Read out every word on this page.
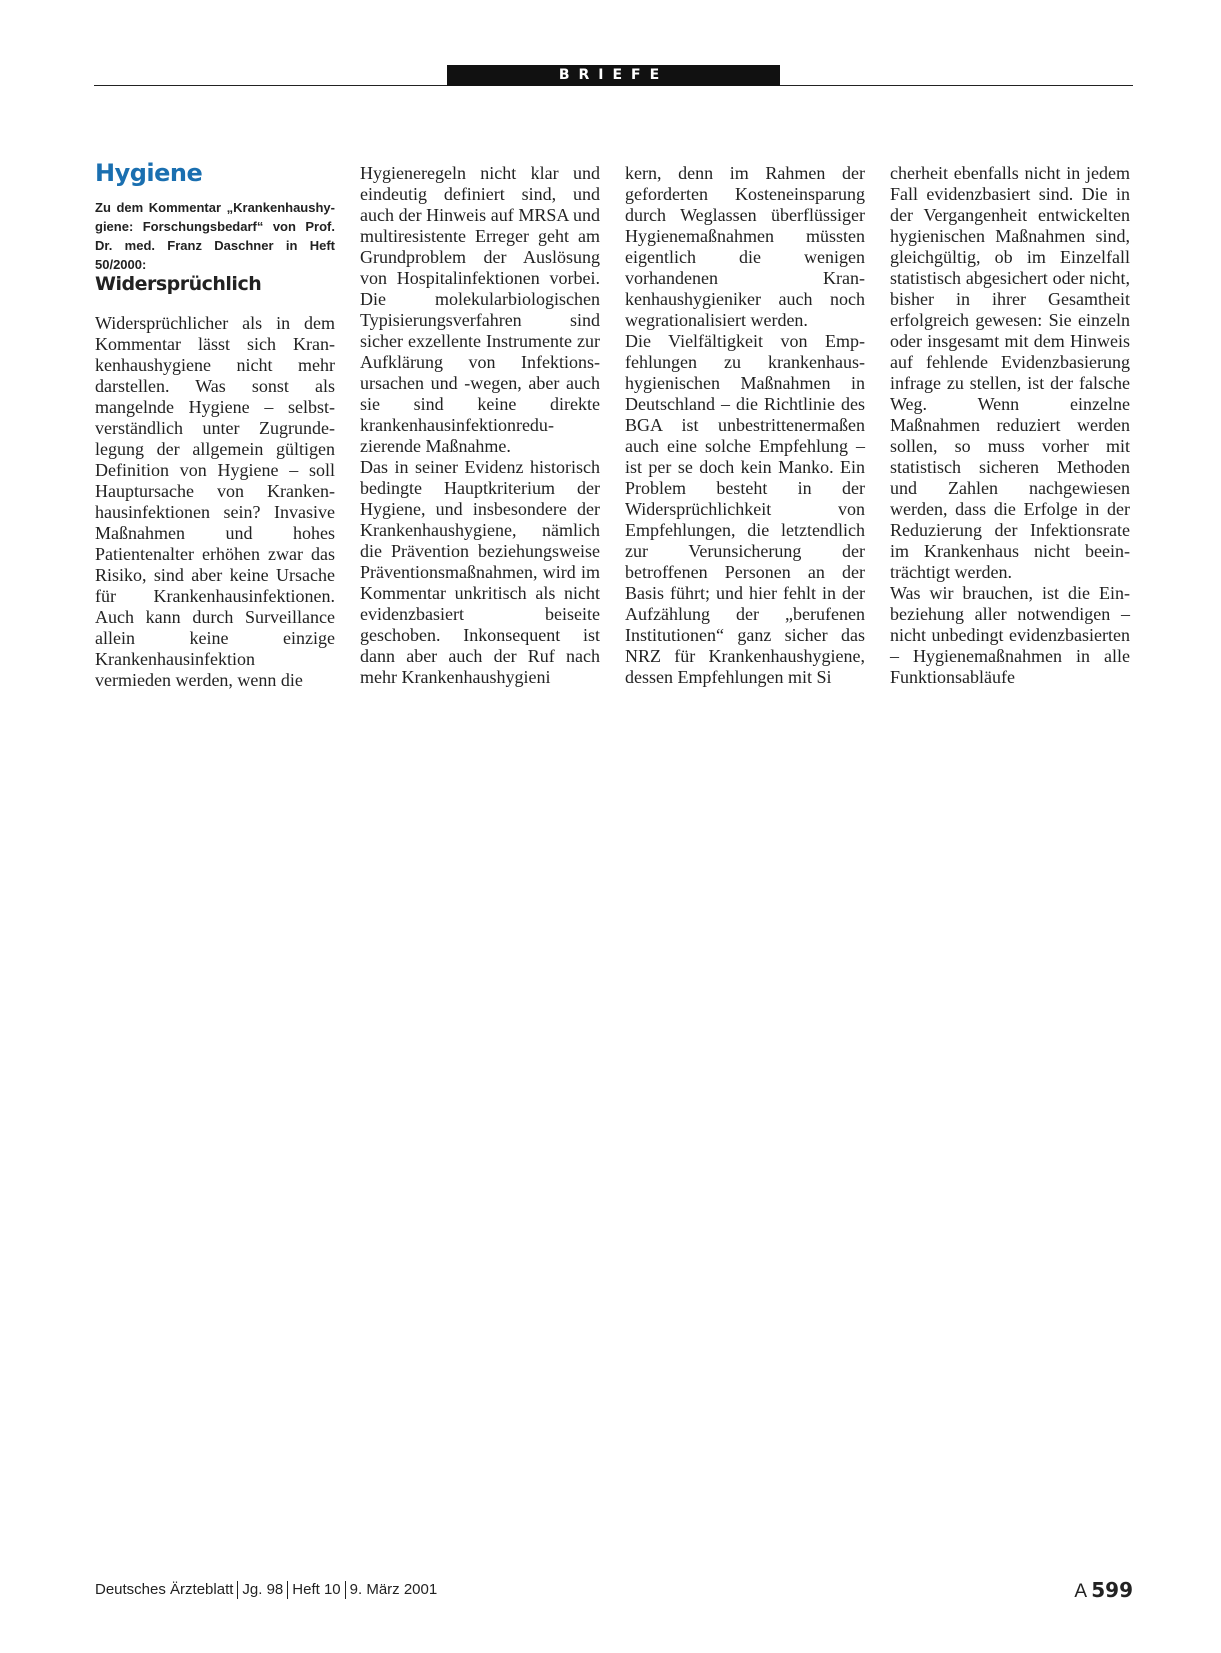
BRIEFE
Hygiene

Zu dem Kommentar „Krankenhaushygiene: Forschungsbedarf“ von Prof. Dr. med. Franz Daschner in Heft 50/2000:

Widersprüchlich

Widersprüchlicher als in dem Kommentar lässt sich Krankenhaushygiene nicht mehr darstellen. Was sonst als mangelnde Hygiene – selbstverständlich unter Zugrundelegung der allgemein gültigen Definition von Hygiene – soll Hauptursache von Krankenhausinfektionen sein? Invasive Maßnahmen und hohes Patientenalter erhöhen zwar das Risiko, sind aber keine Ursache für Krankenhausinfektionen. Auch kann durch Surveillance allein keine einzige Krankenhausinfektion vermieden werden, wenn die

Hygieneregeln nicht klar und eindeutig definiert sind, und auch der Hinweis auf MRSA und multiresistente Erreger geht am Grundproblem der Auslösung von Hospitalinfektionen vorbei. Die molekularbiologischen Typisierungsverfahren sind sicher exzellente Instrumente zur Aufklärung von Infektionsursachen und -wegen, aber auch sie sind keine direkte krankenhausinfektionreduzierende Maßnahme.

Das in seiner Evidenz historisch bedingte Hauptkriterium der Hygiene, und insbesondere der Krankenhaushygiene, nämlich die Prävention beziehungsweise Präventionsmaßnahmen, wird im Kommentar unkritisch als nicht evidenzbasiert beiseite geschoben. Inkonsequent ist dann aber auch der Ruf nach mehr Krankenhaushygieni

kern, denn im Rahmen der geforderten Kosteneinsparung durch Weglassen überflüssiger Hygienemaßnahmen müssten eigentlich die wenigen vorhandenen Krankenhaushygieniker auch noch wegrationalisiert werden.

Die Vielfältigkeit von Empfehlungen zu krankenhaushygienischen Maßnahmen in Deutschland – die Richtlinie des BGA ist unbestrittenermaßen auch eine solche Empfehlung – ist per se doch kein Manko. Ein Problem besteht in der Widersprüchlichkeit von Empfehlungen, die letztendlich zur Verunsicherung der betroffenen Personen an der Basis führt; und hier fehlt in der Aufzählung der „berufenen Institutionen“ ganz sicher das NRZ für Krankenhaushygiene, dessen Empfehlungen mit Si

cherheit ebenfalls nicht in jedem Fall evidenzbasiert sind. Die in der Vergangenheit entwickelten hygienischen Maßnahmen sind, gleichgültig, ob im Einzelfall statistisch abgesichert oder nicht, bisher in ihrer Gesamtheit erfolgreich gewesen: Sie einzeln oder insgesamt mit dem Hinweis auf fehlende Evidenzbasierung infrage zu stellen, ist der falsche Weg. Wenn einzelne Maßnahmen reduziert werden sollen, so muss vorher mit statistisch sicheren Methoden und Zahlen nachgewiesen werden, dass die Erfolge in der Reduzierung der Infektionsrate im Krankenhaus nicht beeinträchtigt werden.

Was wir brauchen, ist die Einbeziehung aller notwendigen – nicht unbedingt evidenzbasierten – Hygienemaßnahmen in alle Funktionsabläufe

Deutsches Ärzteblatt Jg. 98 Heft 10 9. März 2001	A 599
